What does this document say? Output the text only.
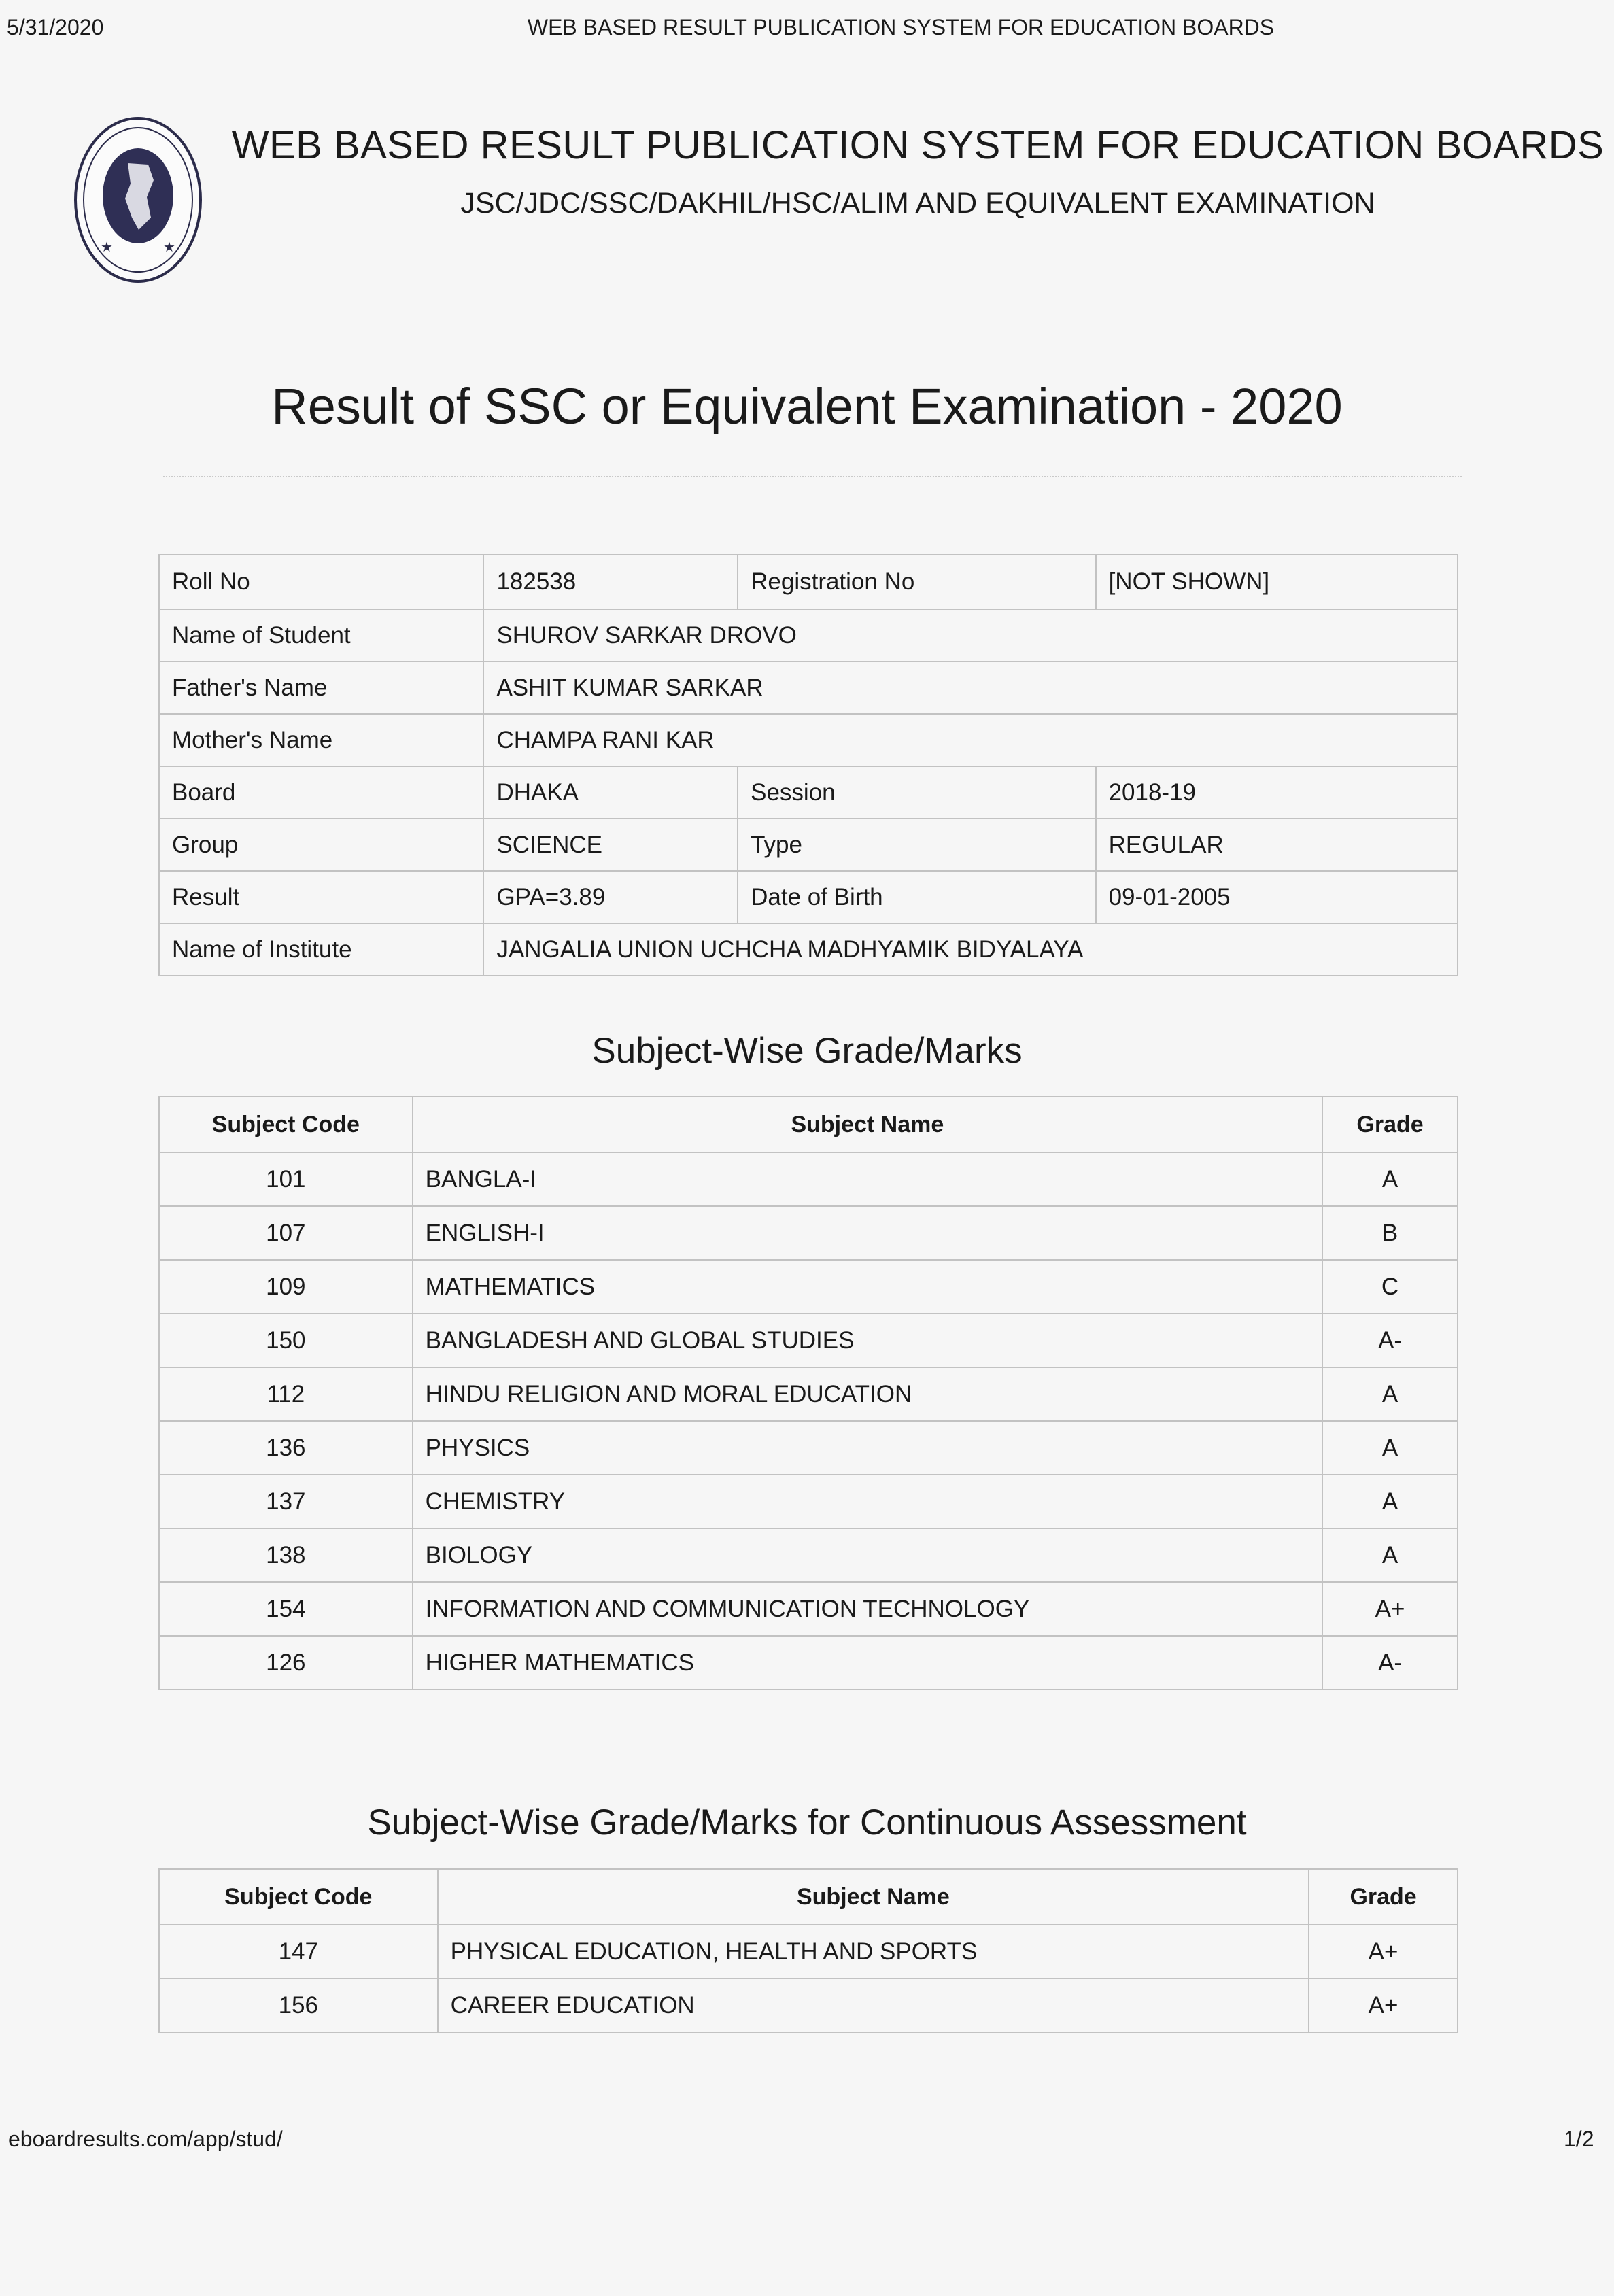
5/31/2020	WEB BASED RESULT PUBLICATION SYSTEM FOR EDUCATION BOARDS
★	★
WEB BASED RESULT PUBLICATION SYSTEM FOR EDUCATION BOARDS
JSC/JDC/SSC/DAKHIL/HSC/ALIM AND EQUIVALENT EXAMINATION
Result of SSC or Equivalent Examination - 2020
Roll No	182538	Registration No	[NOT SHOWN]
Name of Student	SHUROV SARKAR DROVO		
Father's Name	ASHIT KUMAR SARKAR		
Mother's Name	CHAMPA RANI KAR		
Board	DHAKA	Session	2018-19
Group	SCIENCE	Type	REGULAR
Result	GPA=3.89	Date of Birth	09-01-2005
Name of Institute	JANGALIA UNION UCHCHA MADHYAMIK BIDYALAYA		
Subject-Wise Grade/Marks
Subject Code	Subject Name	Grade
101	BANGLA-I	A
107	ENGLISH-I	B
109	MATHEMATICS	C
150	BANGLADESH AND GLOBAL STUDIES	A-
112	HINDU RELIGION AND MORAL EDUCATION	A
136	PHYSICS	A
137	CHEMISTRY	A
138	BIOLOGY	A
154	INFORMATION AND COMMUNICATION TECHNOLOGY	A+
126	HIGHER MATHEMATICS	A-
Subject-Wise Grade/Marks for Continuous Assessment
Subject Code	Subject Name	Grade
147	PHYSICAL EDUCATION, HEALTH AND SPORTS	A+
156	CAREER EDUCATION	A+
eboardresults.com/app/stud/	1/2
